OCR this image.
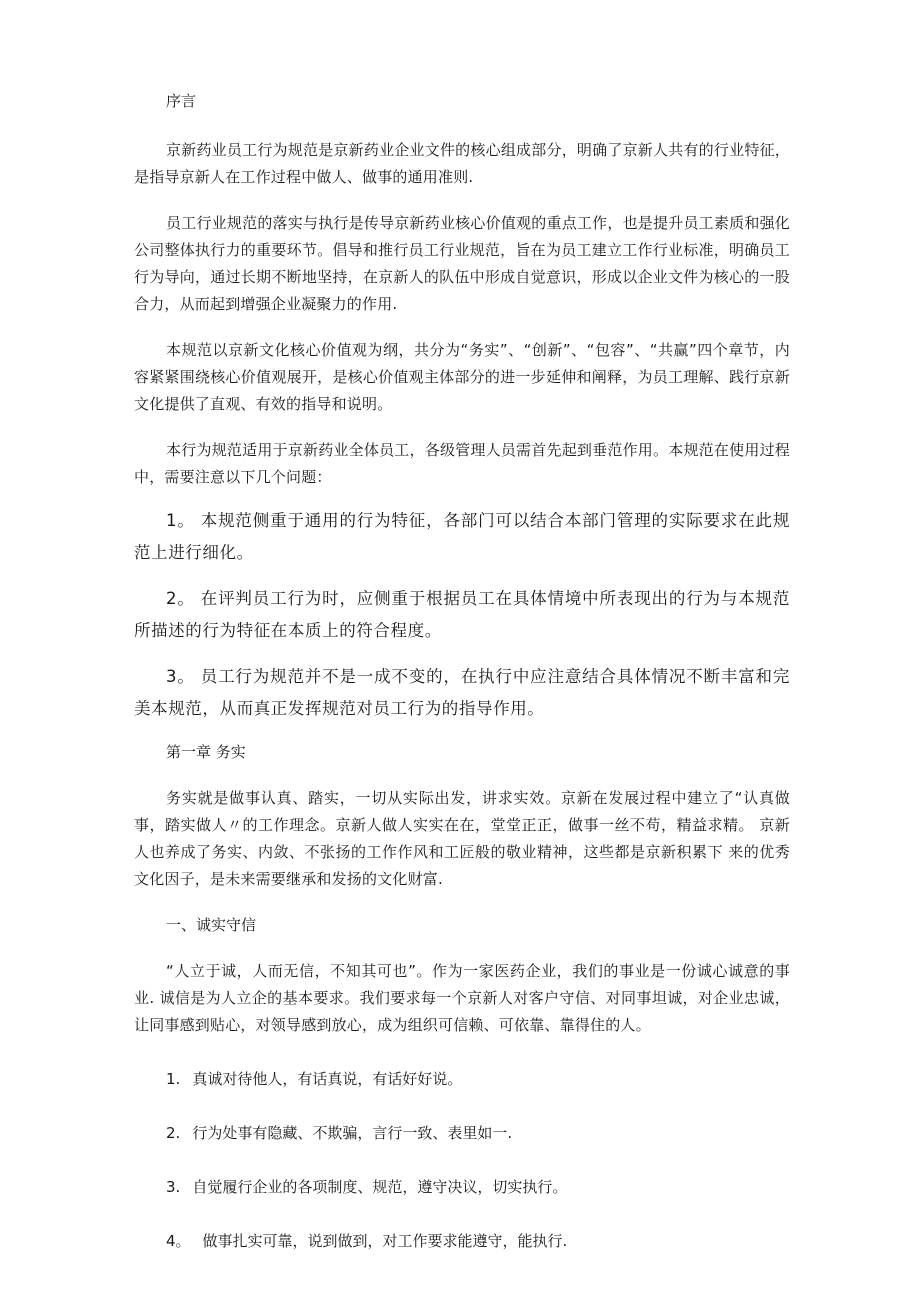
序言

京新药业员工行为规范是京新药业企业文件的核心组成部分，明确了京新人共有的行业特征，是指导京新人在工作过程中做人、做事的通用准则.

员工行业规范的落实与执行是传导京新药业核心价值观的重点工作，也是提升员工素质和强化公司整体执行力的重要环节。倡导和推行员工行业规范，旨在为员工建立工作行业标准，明确员工行为导向，通过长期不断地坚持，在京新人的队伍中形成自觉意识，形成以企业文件为核心的一股合力，从而起到增强企业凝聚力的作用.

本规范以京新文化核心价值观为纲，共分为“务实”、“创新”、“包容”、“共赢”四个章节，内容紧紧围绕核心价值观展开，是核心价值观主体部分的进一步延伸和阐释，为员工理解、践行京新文化提供了直观、有效的指导和说明。

本行为规范适用于京新药业全体员工，各级管理人员需首先起到垂范作用。本规范在使用过程中，需要注意以下几个问题：

1。 本规范侧重于通用的行为特征，各部门可以结合本部门管理的实际要求在此规范上进行细化。

2。 在评判员工行为时，应侧重于根据员工在具体情境中所表现出的行为与本规范所描述的行为特征在本质上的符合程度。

3。 员工行为规范并不是一成不变的，在执行中应注意结合具体情况不断丰富和完美本规范，从而真正发挥规范对员工行为的指导作用。

第一章 务实

务实就是做事认真、踏实，一切从实际出发，讲求实效。京新在发展过程中建立了“认真做事，踏实做人〃的工作理念。京新人做人实实在在，堂堂正正，做事一丝不苟，精益求精。 京新人也养成了务实、内敛、不张扬的工作作风和工匠般的敬业精神，这些都是京新积累下 来的优秀文化因子，是未来需要继承和发扬的文化财富.

一、诚实守信

“人立于诚，人而无信，不知其可也”。作为一家医药企业，我们的事业是一份诚心诚意的事业. 诚信是为人立企的基本要求。我们要求每一个京新人对客户守信、对同事坦诚，对企业忠诚，让同事感到贴心，对领导感到放心，成为组织可信赖、可依靠、靠得住的人。

1. 真诚对待他人，有话真说，有话好好说。

2. 行为处事有隐藏、不欺骗，言行一致、表里如一.

3. 自觉履行企业的各项制度、规范，遵守决议，切实执行。

4。 做事扎实可靠，说到做到，对工作要求能遵守，能执行.
